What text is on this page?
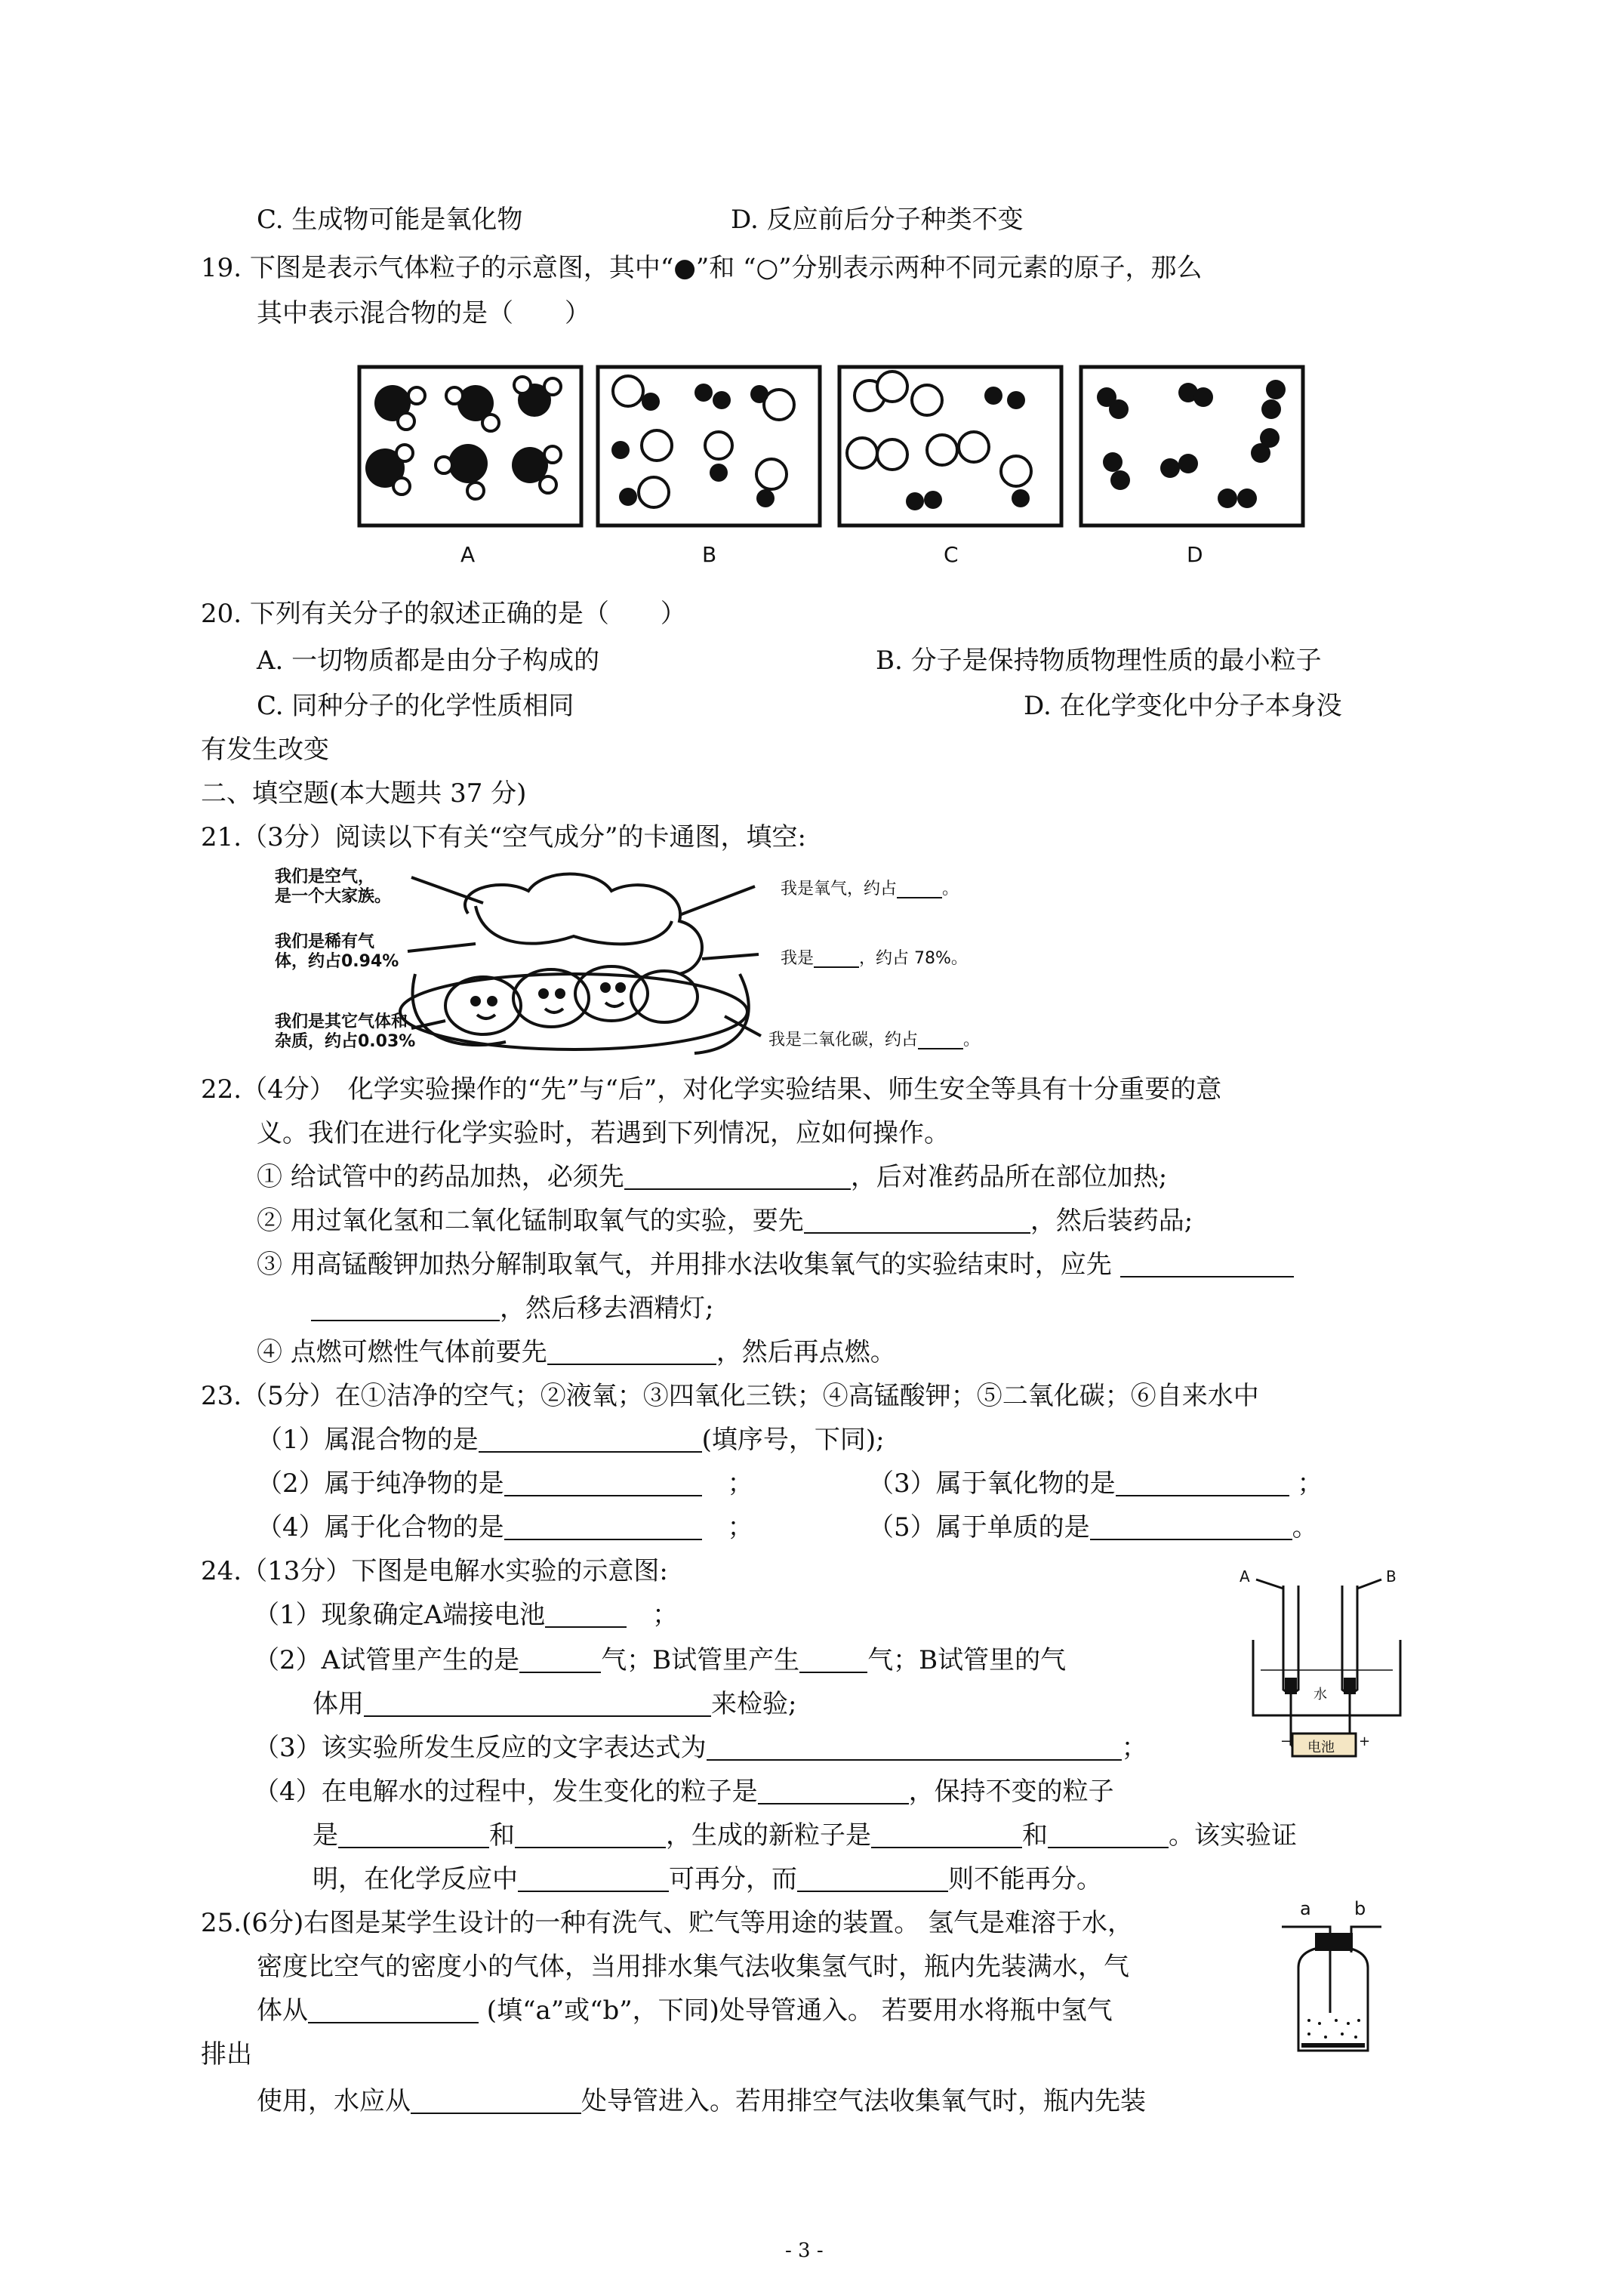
C. 生成物可能是氧化物	D. 反应前后分子种类不变
19. 下图是表示气体粒子的示意图，其中“●”和 “○”分别表示两种不同元素的原子，那么
其中表示混合物的是（　　）
A	B	C	D
20. 下列有关分子的叙述正确的是（　　）
A. 一切物质都是由分子构成的	B. 分子是保持物质物理性质的最小粒子
C. 同种分子的化学性质相同	D. 在化学变化中分子本身没
有发生改变
二、填空题(本大题共 37 分)
21.（3分）阅读以下有关“空气成分”的卡通图，填空:
我们是空气，
是一个大家族。
我们是稀有气
体，约占0.94%
我们是其它气体和
杂质，约占0.03%
我是氧气，约占	。
我是	，约占 78%。
我是二氧化碳，约占	。
22.（4分）　化学实验操作的“先”与“后”，对化学实验结果、师生安全等具有十分重要的意
义。我们在进行化学实验时，若遇到下列情况，应如何操作。
① 给试管中的药品加热，必须先	，后对准药品所在部位加热;
② 用过氧化氢和二氧化锰制取氧气的实验，要先	，然后装药品;
③ 用高锰酸钾加热分解制取氧气，并用排水法收集氧气的实验结束时，应先
，然后移去酒精灯;
④ 点燃可燃性气体前要先	，然后再点燃。
23.（5分）在①洁净的空气；②液氧；③四氧化三铁；④高锰酸钾；⑤二氧化碳；⑥自来水中
（1）属混合物的是	(填序号，下同);
（2）属于纯净物的是　	；	（3）属于氧化物的是	；
（4）属于化合物的是　	；	（5）属于单质的是	。
24.（13分）下图是电解水实验的示意图:
（1）现象确定A端接电池	　；
（2）A试管里产生的是	气；B试管里产生	气；B试管里的气
体用	来检验;
（3）该实验所发生反应的文字表达式为	；
（4）在电解水的过程中，发生变化的粒子是	，保持不变的粒子
是	和	，生成的新粒子是	和	。该实验证
明，在化学反应中	可再分，而	则不能再分。
A	B
水
电池
−	+
25.(6分)右图是某学生设计的一种有洗气、贮气等用途的装置。 氢气是难溶于水，
密度比空气的密度小的气体，当用排水集气法收集氢气时，瓶内先装满水，气
体从	(填“a”或“b”，下同)处导管通入。 若要用水将瓶中氢气
排出
使用，水应从	处导管进入。若用排空气法收集氧气时，瓶内先装
a b
- 3 -
